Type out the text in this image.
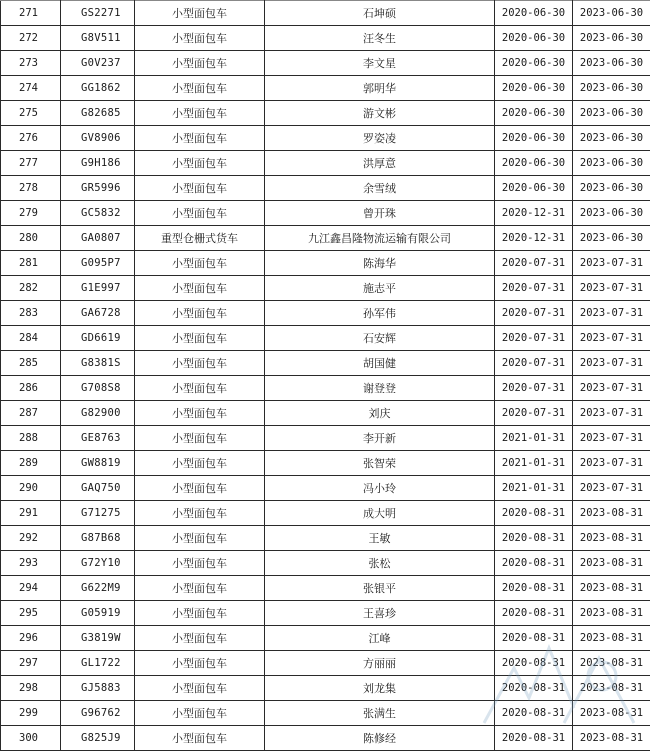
271	GS2271	小型面包车	石坤硕	2020-06-30	2023-06-30
272	G8V511	小型面包车	汪冬生	2020-06-30	2023-06-30
273	G0V237	小型面包车	李文星	2020-06-30	2023-06-30
274	GG1862	小型面包车	郭明华	2020-06-30	2023-06-30
275	G82685	小型面包车	游文彬	2020-06-30	2023-06-30
276	GV8906	小型面包车	罗姿凌	2020-06-30	2023-06-30
277	G9H186	小型面包车	洪厚意	2020-06-30	2023-06-30
278	GR5996	小型面包车	余雪绒	2020-06-30	2023-06-30
279	GC5832	小型面包车	曾开珠	2020-12-31	2023-06-30
280	GA0807	重型仓栅式货车	九江鑫昌隆物流运输有限公司	2020-12-31	2023-06-30
281	G095P7	小型面包车	陈海华	2020-07-31	2023-07-31
282	G1E997	小型面包车	施志平	2020-07-31	2023-07-31
283	GA6728	小型面包车	孙军伟	2020-07-31	2023-07-31
284	GD6619	小型面包车	石安辉	2020-07-31	2023-07-31
285	G8381S	小型面包车	胡国健	2020-07-31	2023-07-31
286	G708S8	小型面包车	谢登登	2020-07-31	2023-07-31
287	G82900	小型面包车	刘庆	2020-07-31	2023-07-31
288	GE8763	小型面包车	李开新	2021-01-31	2023-07-31
289	GW8819	小型面包车	张智荣	2021-01-31	2023-07-31
290	GAQ750	小型面包车	冯小玲	2021-01-31	2023-07-31
291	G71275	小型面包车	成大明	2020-08-31	2023-08-31
292	G87B68	小型面包车	王敏	2020-08-31	2023-08-31
293	G72Y10	小型面包车	张松	2020-08-31	2023-08-31
294	G622M9	小型面包车	张银平	2020-08-31	2023-08-31
295	G05919	小型面包车	王喜珍	2020-08-31	2023-08-31
296	G3819W	小型面包车	江峰	2020-08-31	2023-08-31
297	GL1722	小型面包车	方丽丽	2020-08-31	2023-08-31
298	GJ5883	小型面包车	刘龙集	2020-08-31	2023-08-31
299	G96762	小型面包车	张满生	2020-08-31	2023-08-31
300	G825J9	小型面包车	陈修经	2020-08-31	2023-08-31
